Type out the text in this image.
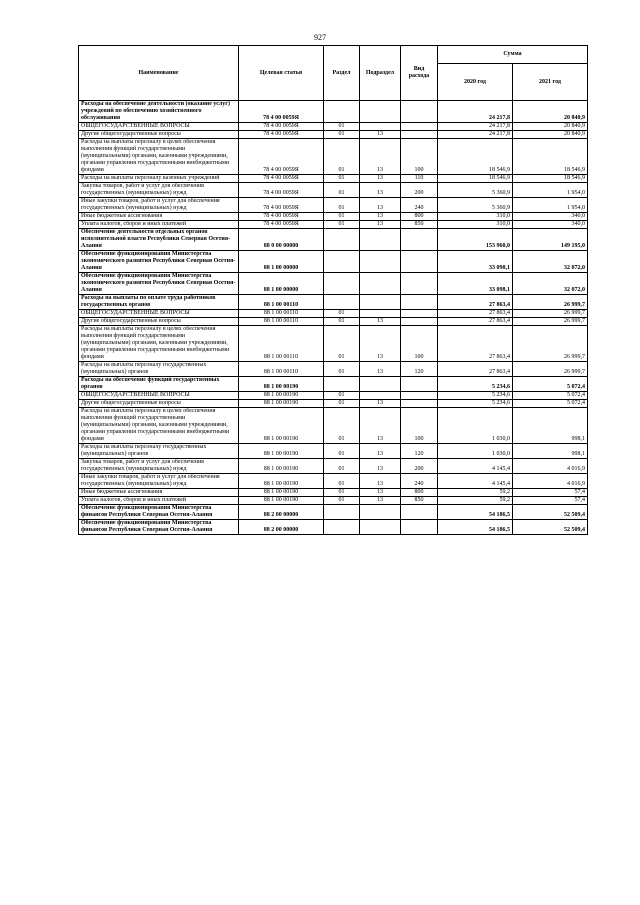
927
Наименование	Целевая статья	Раздел	Подраздел	Вид расхода	Сумма	
					2020 год	2021 год
Расходы на обеспечение деятельности (оказание услуг) учреждений по обеспечению хозяйственного обслуживания	78 4 00 0059Я				24 217,8	20 840,9
ОБЩЕГОСУДАРСТВЕННЫЕ ВОПРОСЫ	78 4 00 0059Я	01			24 217,8	20 840,9
Другие общегосударственные вопросы	78 4 00 0059Я	01	13		24 217,8	20 840,9
Расходы на выплаты персоналу в целях обеспечения выполнения функций государственными (муниципальными) органами, казенными учреждениями, органами управления государственными внебюджетными фондами	78 4 00 0059Я	01	13	100	18 546,9	18 546,9
Расходы на выплаты персоналу казенных учреждений	78 4 00 0059Я	01	13	110	18 546,9	18 546,9
Закупка товаров, работ и услуг для обеспечения государственных (муниципальных) нужд	78 4 00 0059Я	01	13	200	5 360,9	1 954,0
Иные закупки товаров, работ и услуг для обеспечения государственных (муниципальных) нужд	78 4 00 0059Я	01	13	240	5 360,9	1 954,0
Иные бюджетные ассигнования	78 4 00 0059Я	01	13	800	310,0	340,0
Уплата налогов, сборов и иных платежей	78 4 00 0059Я	01	13	850	310,0	340,0
Обеспечение деятельности отдельных органов исполнительной власти Республики Северная Осетия-Алания	88 0 00 00000				153 960,0	149 195,0
Обеспечение функционирования Министерства экономического развития Республики Северная Осетия-Алания	88 1 00 00000				33 098,1	32 072,0
Обеспечение функционирования Министерства экономического развития Республики Северная Осетия-Алания	88 1 00 00000				33 098,1	32 072,0
Расходы на выплаты по оплате труда работников государственных органов	88 1 00 00110				27 863,4	26 999,7
ОБЩЕГОСУДАРСТВЕННЫЕ ВОПРОСЫ	88 1 00 00110	01			27 863,4	26 999,7
Другие общегосударственные вопросы	88 1 00 00110	01	13		27 863,4	26 999,7
Расходы на выплаты персоналу в целях обеспечения выполнения функций государственными (муниципальными) органами, казенными учреждениями, органами управления государственными внебюджетными фондами	88 1 00 00110	01	13	100	27 863,4	26 999,7
Расходы на выплаты персоналу государственных (муниципальных) органов	88 1 00 00110	01	13	120	27 863,4	26 999,7
Расходы на обеспечение функций государственных органов	88 1 00 00190				5 234,6	5 072,4
ОБЩЕГОСУДАРСТВЕННЫЕ ВОПРОСЫ	88 1 00 00190	01			5 234,6	5 072,4
Другие общегосударственные вопросы	88 1 00 00190	01	13		5 234,6	5 072,4
Расходы на выплаты персоналу в целях обеспечения выполнения функций государственными (муниципальными) органами, казенными учреждениями, органами управления государственными внебюджетными фондами	88 1 00 00190	01	13	100	1 030,0	998,1
Расходы на выплаты персоналу государственных (муниципальных) органов	88 1 00 00190	01	13	120	1 030,0	998,1
Закупка товаров, работ и услуг для обеспечения государственных (муниципальных) нужд	88 1 00 00190	01	13	200	4 145,4	4 016,9
Иные закупки товаров, работ и услуг для обеспечения государственных (муниципальных) нужд	88 1 00 00190	01	13	240	4 145,4	4 016,9
Иные бюджетные ассигнования	88 1 00 00190	01	13	800	59,2	57,4
Уплата налогов, сборов и иных платежей	88 1 00 00190	01	13	850	59,2	57,4
Обеспечение функционирования Министерства финансов Республики Северная Осетия-Алания	88 2 00 00000				54 186,5	52 509,4
Обеспечение функционирования Министерства финансов Республики Северная Осетия-Алания	88 2 00 00000				54 186,5	52 509,4
